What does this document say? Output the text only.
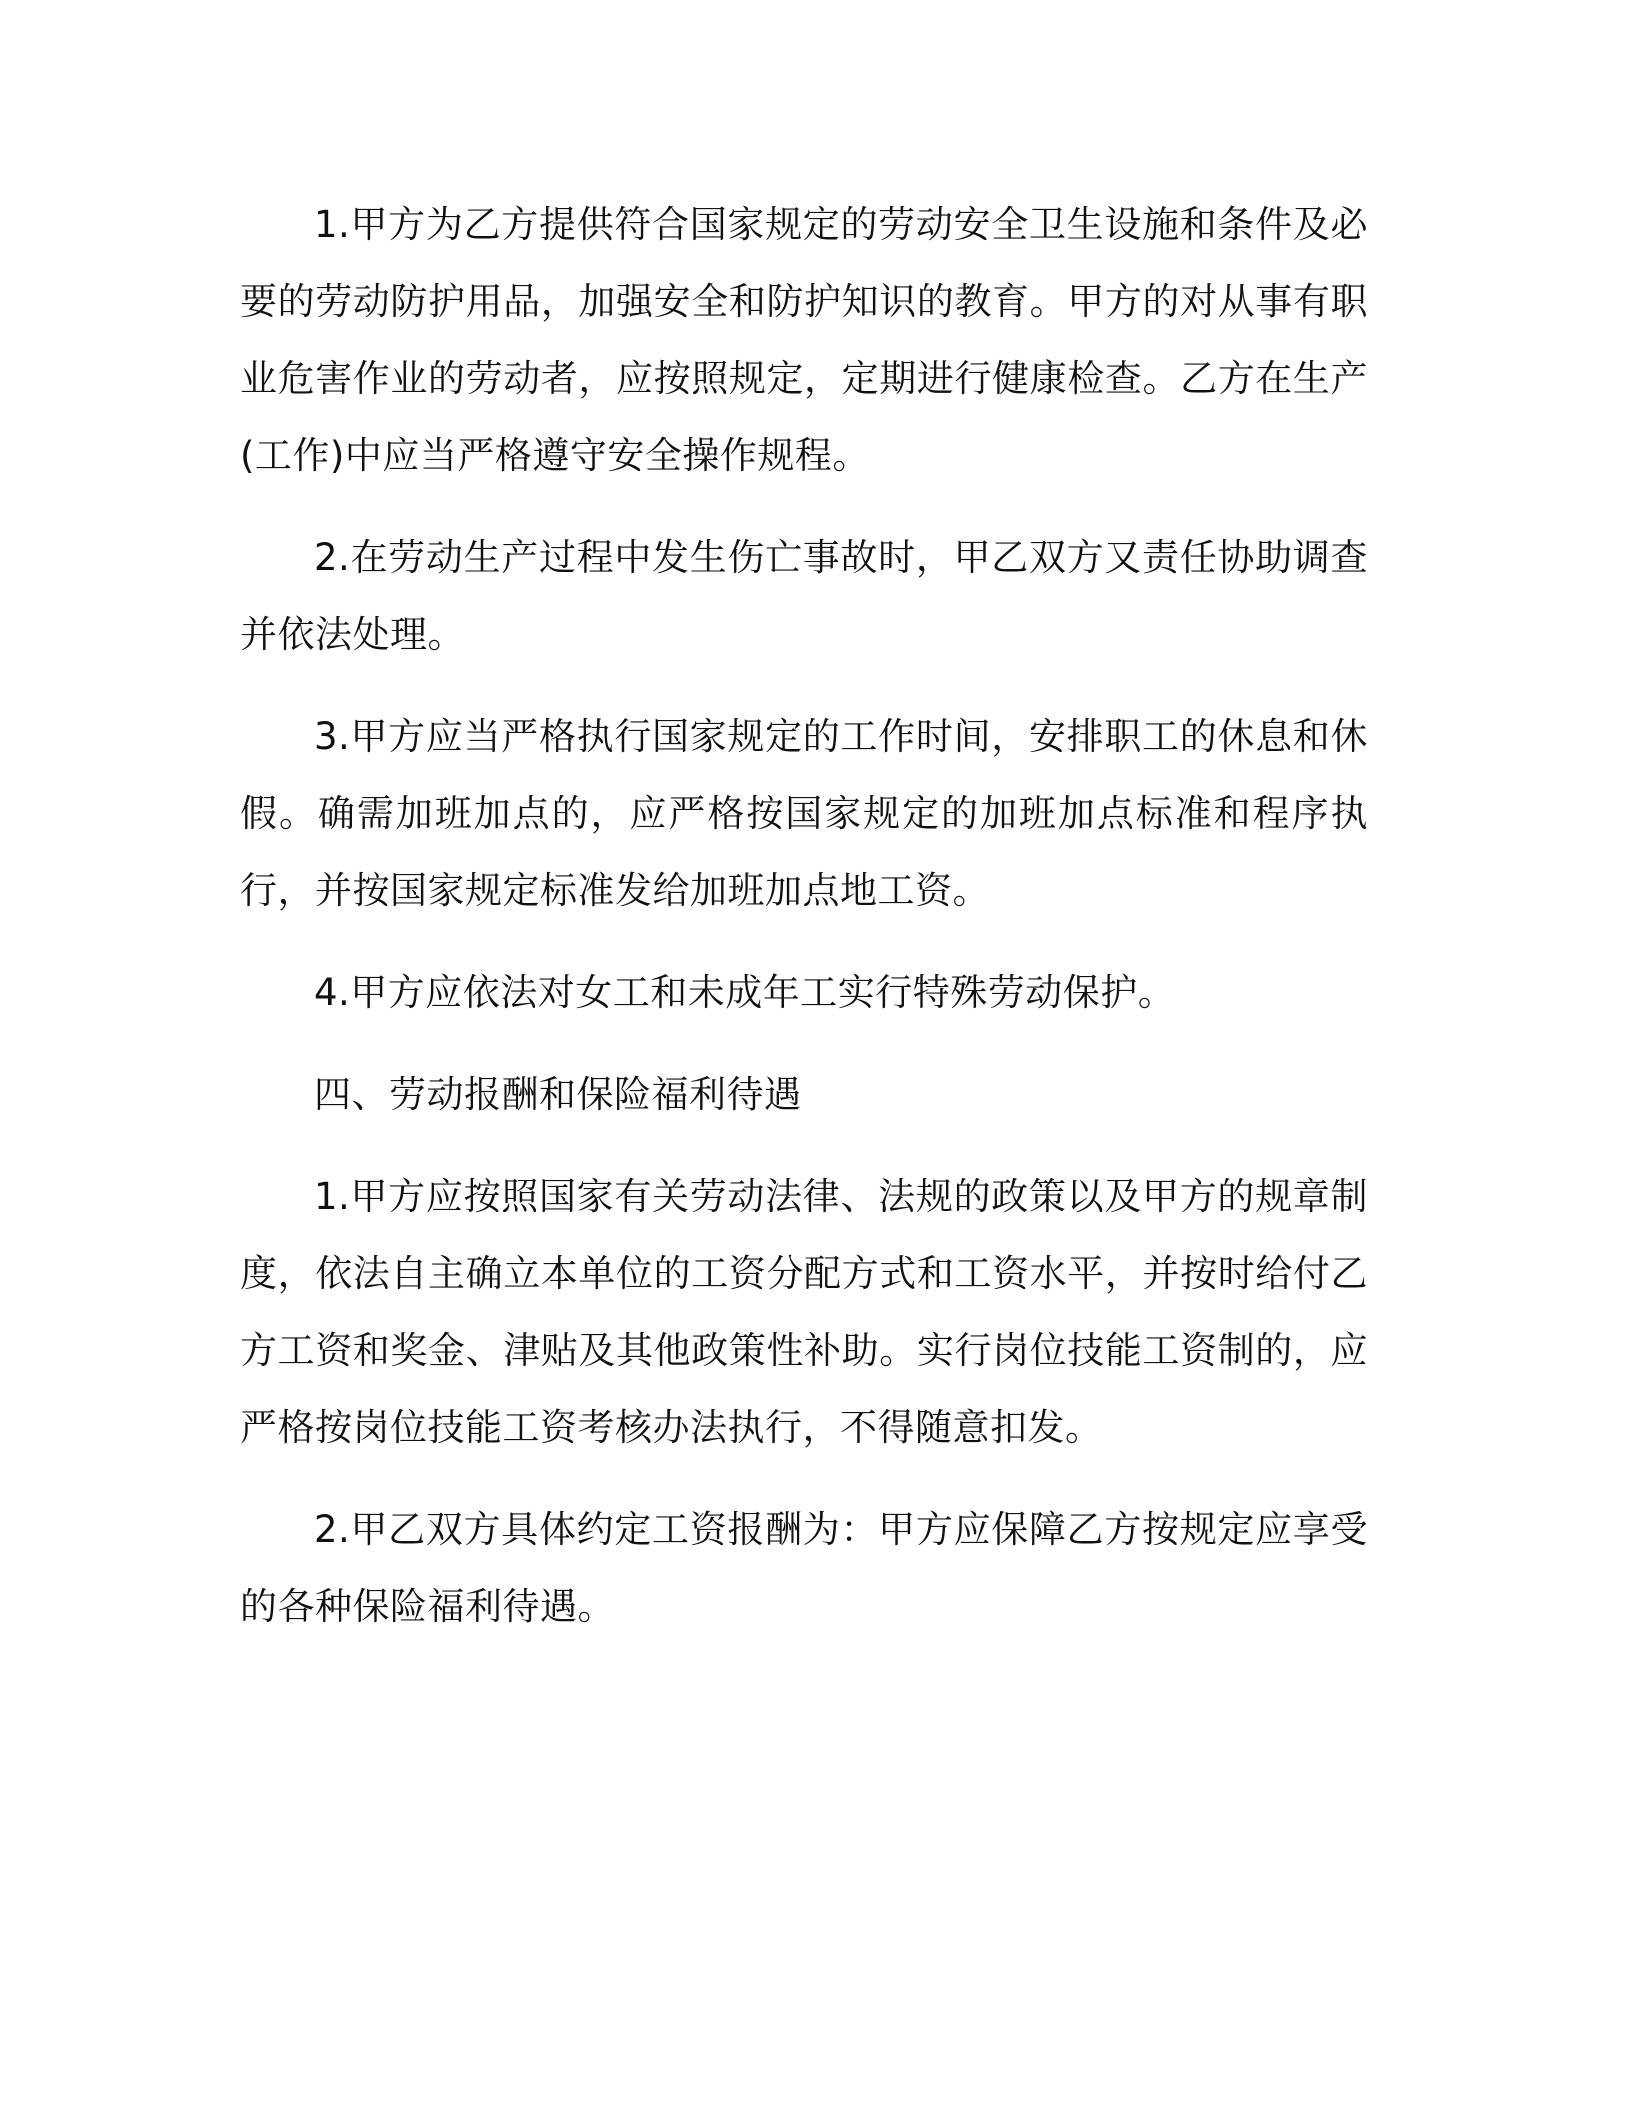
1.甲方为乙方提供符合国家规定的劳动安全卫生设施和条件及必要的劳动防护用品，加强安全和防护知识的教育。甲方的对从事有职业危害作业的劳动者，应按照规定，定期进行健康检查。乙方在生产(工作)中应当严格遵守安全操作规程。

2.在劳动生产过程中发生伤亡事故时，甲乙双方又责任协助调查并依法处理。

3.甲方应当严格执行国家规定的工作时间，安排职工的休息和休假。确需加班加点的，应严格按国家规定的加班加点标准和程序执行，并按国家规定标准发给加班加点地工资。

4.甲方应依法对女工和未成年工实行特殊劳动保护。

四、劳动报酬和保险福利待遇

1.甲方应按照国家有关劳动法律、法规的政策以及甲方的规章制度，依法自主确立本单位的工资分配方式和工资水平，并按时给付乙方工资和奖金、津贴及其他政策性补助。实行岗位技能工资制的，应严格按岗位技能工资考核办法执行，不得随意扣发。

2.甲乙双方具体约定工资报酬为：甲方应保障乙方按规定应享受的各种保险福利待遇。
